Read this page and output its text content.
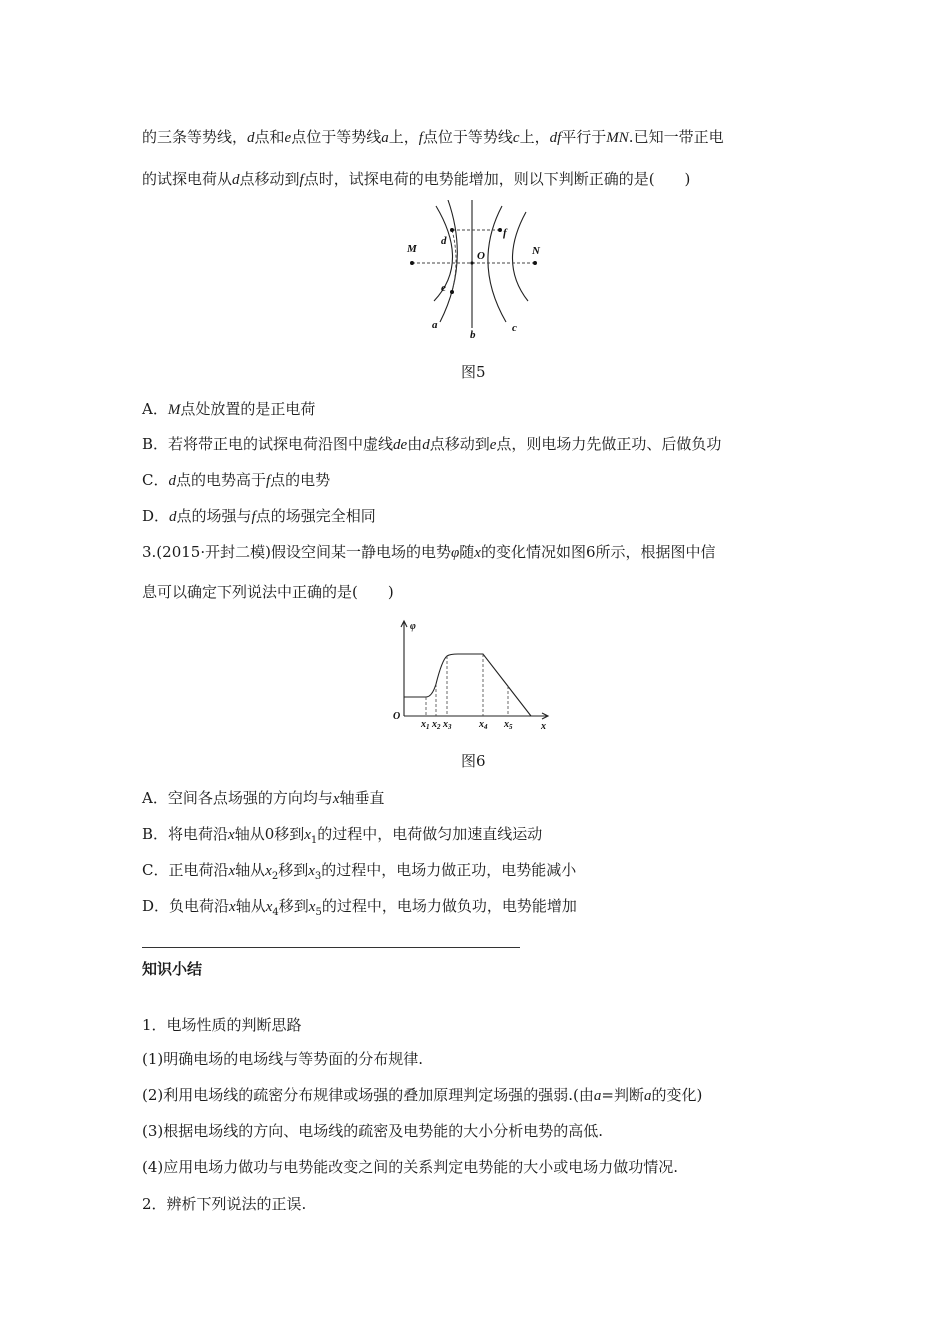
的三条等势线，d点和e点位于等势线a上，f点位于等势线c上，df平行于MN.已知一带正电
的试探电荷从d点移动到f点时，试探电荷的电势能增加，则以下判断正确的是(　　)
M	N
O
d
e
f
a
b
c
图5
A．M点处放置的是正电荷
B．若将带正电的试探电荷沿图中虚线de由d点移动到e点，则电场力先做正功、后做负功
C．d点的电势高于f点的电势
D．d点的场强与f点的场强完全相同
3.(2015·开封二模)假设空间某一静电场的电势φ随x的变化情况如图6所示，根据图中信
息可以确定下列说法中正确的是(　　)
φ
O
x
$x_1$ $x_2$ $x_3$	$x_4$ $x_5$
图6
A．空间各点场强的方向均与x轴垂直
B．将电荷沿x轴从0移到$x_1$的过程中，电荷做匀加速直线运动
C．正电荷沿x轴从$x_2$移到$x_3$的过程中，电场力做正功，电势能减小
D．负电荷沿x轴从$x_4$移到$x_5$的过程中，电场力做负功，电势能增加
知识小结
1．电场性质的判断思路
(1)明确电场的电场线与等势面的分布规律.
(2)利用电场线的疏密分布规律或场强的叠加原理判定场强的强弱.(由a=判断a的变化)
(3)根据电场线的方向、电场线的疏密及电势能的大小分析电势的高低.
(4)应用电场力做功与电势能改变之间的关系判定电势能的大小或电场力做功情况.
2．辨析下列说法的正误.
